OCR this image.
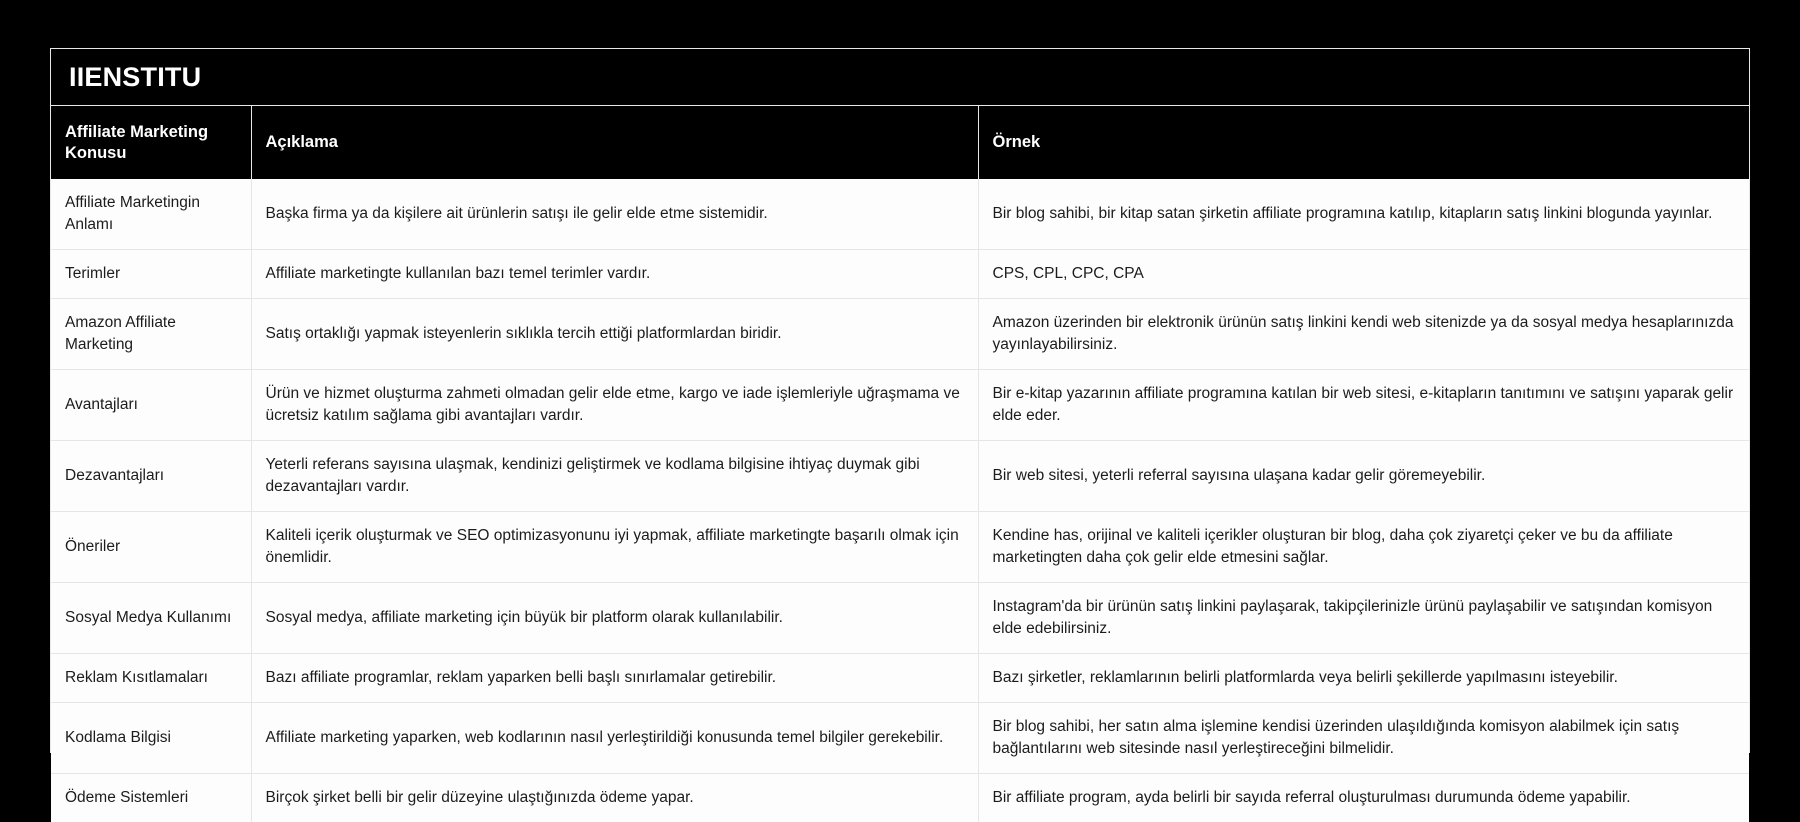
IIENSTITU
Affiliate Marketing Konusu	Açıklama	Örnek
Affiliate Marketingin Anlamı	Başka firma ya da kişilere ait ürünlerin satışı ile gelir elde etme sistemidir.	Bir blog sahibi, bir kitap satan şirketin affiliate programına katılıp, kitapların satış linkini blogunda yayınlar.
Terimler	Affiliate marketingte kullanılan bazı temel terimler vardır.	CPS, CPL, CPC, CPA
Amazon Affiliate Marketing	Satış ortaklığı yapmak isteyenlerin sıklıkla tercih ettiği platformlardan biridir.	Amazon üzerinden bir elektronik ürünün satış linkini kendi web sitenizde ya da sosyal medya hesaplarınızda yayınlayabilirsiniz.
Avantajları	Ürün ve hizmet oluşturma zahmeti olmadan gelir elde etme, kargo ve iade işlemleriyle uğraşmama ve ücretsiz katılım sağlama gibi avantajları vardır.	Bir e-kitap yazarının affiliate programına katılan bir web sitesi, e-kitapların tanıtımını ve satışını yaparak gelir elde eder.
Dezavantajları	Yeterli referans sayısına ulaşmak, kendinizi geliştirmek ve kodlama bilgisine ihtiyaç duymak gibi dezavantajları vardır.	Bir web sitesi, yeterli referral sayısına ulaşana kadar gelir göremeyebilir.
Öneriler	Kaliteli içerik oluşturmak ve SEO optimizasyonunu iyi yapmak, affiliate marketingte başarılı olmak için önemlidir.	Kendine has, orijinal ve kaliteli içerikler oluşturan bir blog, daha çok ziyaretçi çeker ve bu da affiliate marketingten daha çok gelir elde etmesini sağlar.
Sosyal Medya Kullanımı	Sosyal medya, affiliate marketing için büyük bir platform olarak kullanılabilir.	Instagram'da bir ürünün satış linkini paylaşarak, takipçilerinizle ürünü paylaşabilir ve satışından komisyon elde edebilirsiniz.
Reklam Kısıtlamaları	Bazı affiliate programlar, reklam yaparken belli başlı sınırlamalar getirebilir.	Bazı şirketler, reklamlarının belirli platformlarda veya belirli şekillerde yapılmasını isteyebilir.
Kodlama Bilgisi	Affiliate marketing yaparken, web kodlarının nasıl yerleştirildiği konusunda temel bilgiler gerekebilir.	Bir blog sahibi, her satın alma işlemine kendisi üzerinden ulaşıldığında komisyon alabilmek için satış bağlantılarını web sitesinde nasıl yerleştireceğini bilmelidir.
Ödeme Sistemleri	Birçok şirket belli bir gelir düzeyine ulaştığınızda ödeme yapar.	Bir affiliate program, ayda belirli bir sayıda referral oluşturulması durumunda ödeme yapabilir.
